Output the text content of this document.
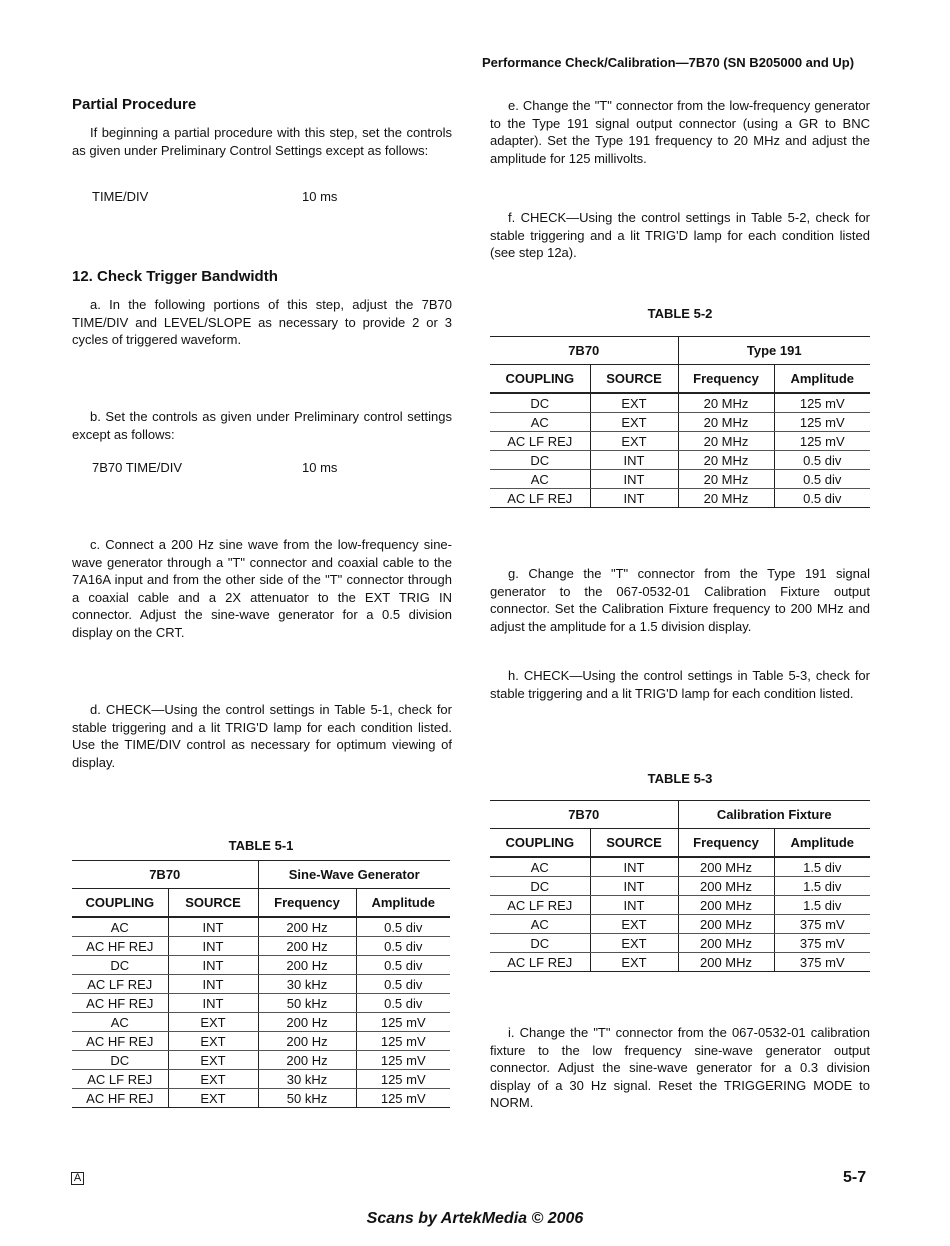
Performance Check/Calibration—7B70 (SN B205000 and Up)
Partial Procedure

If beginning a partial procedure with this step, set the controls as given under Preliminary Control Settings except as follows:

TIME/DIV	10 ms
12. Check Trigger Bandwidth

a. In the following portions of this step, adjust the 7B70 TIME/DIV and LEVEL/SLOPE as necessary to provide 2 or 3 cycles of triggered waveform.

b. Set the controls as given under Preliminary control settings except as follows:

7B70 TIME/DIV	10 ms

c. Connect a 200 Hz sine wave from the low-frequency sine-wave generator through a "T" connector and coaxial cable to the 7A16A input and from the other side of the "T" connector through a coaxial cable and a 2X attenuator to the EXT TRIG IN connector. Adjust the sine-wave generator for a 0.5 division display on the CRT.

d. CHECK—Using the control settings in Table 5-1, check for stable triggering and a lit TRIG'D lamp for each condition listed. Use the TIME/DIV control as necessary for optimum viewing of display.

TABLE 5-1
7B70		Sine-Wave Generator	
COUPLING	SOURCE	Frequency	Amplitude
AC	INT	200 Hz	0.5 div
AC HF REJ	INT	200 Hz	0.5 div
DC	INT	200 Hz	0.5 div
AC LF REJ	INT	30 kHz	0.5 div
AC HF REJ	INT	50 kHz	0.5 div
AC	EXT	200 Hz	125 mV
AC HF REJ	EXT	200 Hz	125 mV
DC	EXT	200 Hz	125 mV
AC LF REJ	EXT	30 kHz	125 mV
AC HF REJ	EXT	50 kHz	125 mV

e. Change the "T" connector from the low-frequency generator to the Type 191 signal output connector (using a GR to BNC adapter). Set the Type 191 frequency to 20 MHz and adjust the amplitude for 125 millivolts.

f. CHECK—Using the control settings in Table 5-2, check for stable triggering and a lit TRIG'D lamp for each condition listed (see step 12a).

TABLE 5-2
7B70		Type 191	
COUPLING	SOURCE	Frequency	Amplitude
DC	EXT	20 MHz	125 mV
AC	EXT	20 MHz	125 mV
AC LF REJ	EXT	20 MHz	125 mV
DC	INT	20 MHz	0.5 div
AC	INT	20 MHz	0.5 div
AC LF REJ	INT	20 MHz	0.5 div

g. Change the "T" connector from the Type 191 signal generator to the 067-0532-01 Calibration Fixture output connector. Set the Calibration Fixture frequency to 200 MHz and adjust the amplitude for a 1.5 division display.

h. CHECK—Using the control settings in Table 5-3, check for stable triggering and a lit TRIG'D lamp for each condition listed.

TABLE 5-3
7B70		Calibration Fixture	
COUPLING	SOURCE	Frequency	Amplitude
AC	INT	200 MHz	1.5 div
DC	INT	200 MHz	1.5 div
AC LF REJ	INT	200 MHz	1.5 div
AC	EXT	200 MHz	375 mV
DC	EXT	200 MHz	375 mV
AC LF REJ	EXT	200 MHz	375 mV

i. Change the "T" connector from the 067-0532-01 calibration fixture to the low frequency sine-wave generator output connector. Adjust the sine-wave generator for a 0.3 division display of a 30 Hz signal. Reset the TRIGGERING MODE to NORM.

A	5-7
Scans by ArtekMedia © 2006
